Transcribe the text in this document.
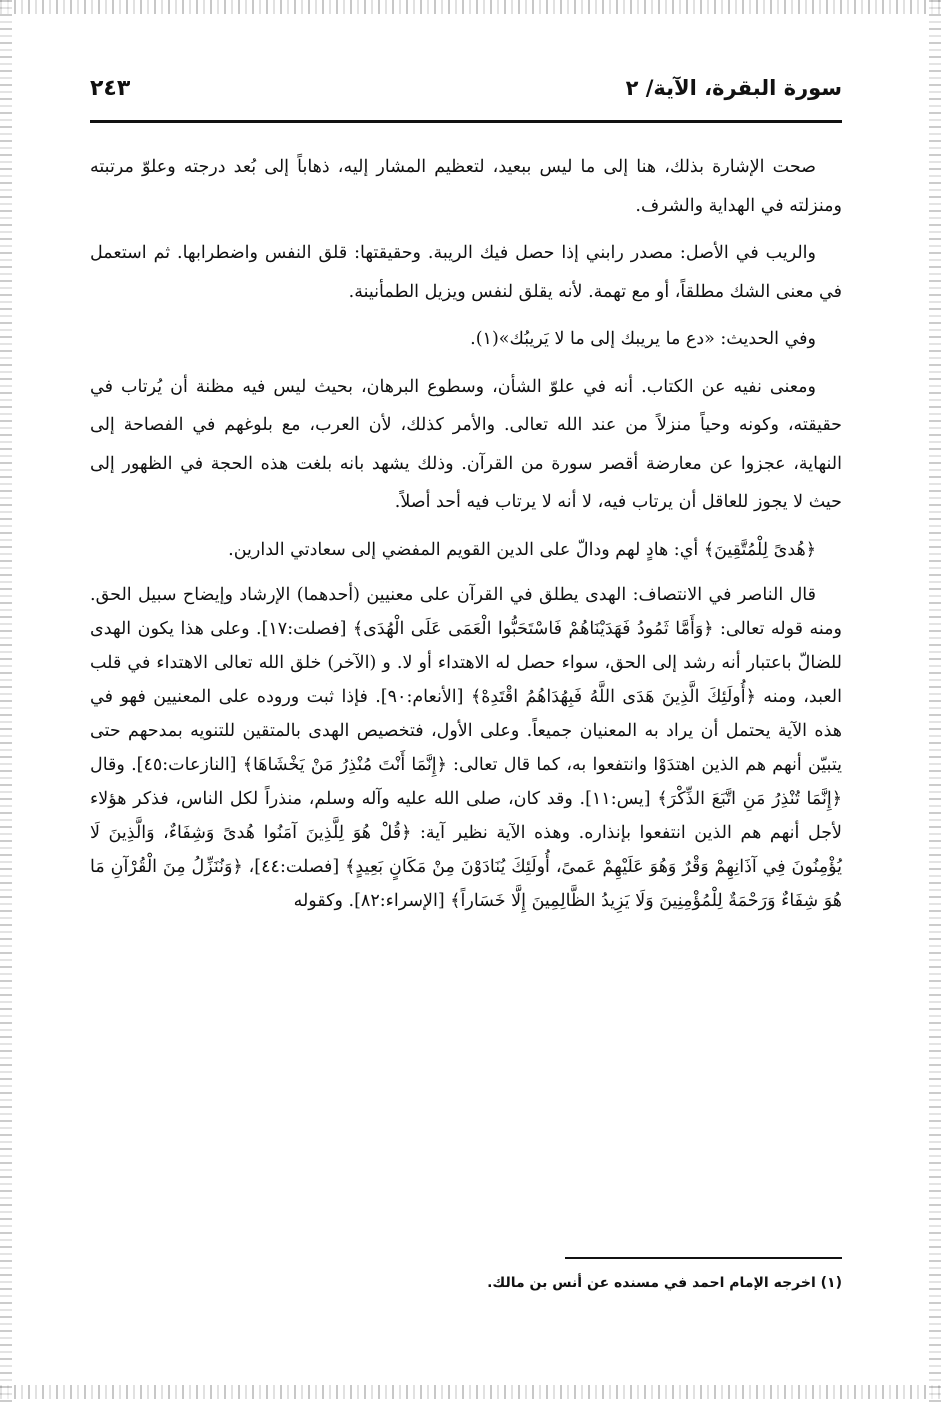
سورة البقرة، الآية/ ٢
٢٤٣

صحت الإشارة بذلك، هنا إلى ما ليس ببعيد، لتعظيم المشار إليه، ذهاباً إلى بُعد درجته وعلوّ مرتبته ومنزلته في الهداية والشرف.

والريب في الأصل: مصدر رابني إذا حصل فيك الريبة. وحقيقتها: قلق النفس واضطرابها. ثم استعمل في معنى الشك مطلقاً، أو مع تهمة. لأنه يقلق لنفس ويزيل الطمأنينة.

وفي الحديث: «دع ما يريبك إلى ما لا يَريبُك»(١).

ومعنى نفيه عن الكتاب. أنه في علوّ الشأن، وسطوع البرهان، بحيث ليس فيه مظنة أن يُرتاب في حقيقته، وكونه وحياً منزلاً من عند الله تعالى. والأمر كذلك، لأن العرب، مع بلوغهم في الفصاحة إلى النهاية، عجزوا عن معارضة أقصر سورة من القرآن. وذلك يشهد بانه بلغت هذه الحجة في الظهور إلى حيث لا يجوز للعاقل أن يرتاب فيه، لا أنه لا يرتاب فيه أحد أصلاً.

﴿هُدىً لِلْمُتَّقِينَ﴾ أي: هادٍ لهم ودالّ على الدين القويم المفضي إلى سعادتي الدارين.

قال الناصر في الانتصاف: الهدى يطلق في القرآن على معنيين (أحدهما) الإرشاد وإيضاح سبيل الحق. ومنه قوله تعالى: ﴿وَأَمَّا ثَمُودُ فَهَدَيْنَاهُمْ فَاسْتَحَبُّوا الْعَمَى عَلَى الْهُدَى﴾ [فصلت:١٧]. وعلى هذا يكون الهدى للضالّ باعتبار أنه رشد إلى الحق، سواء حصل له الاهتداء أو لا. و (الآخر) خلق الله تعالى الاهتداء في قلب العبد، ومنه ﴿أُولَئِكَ الَّذِينَ هَدَى اللَّهُ فَبِهُدَاهُمُ اقْتَدِهْ﴾ [الأنعام:٩٠]. فإذا ثبت وروده على المعنيين فهو في هذه الآية يحتمل أن يراد به المعنيان جميعاً. وعلى الأول، فتخصيص الهدى بالمتقين للتنويه بمدحهم حتى يتبيّن أنهم هم الذين اهتدَوْا وانتفعوا به، كما قال تعالى: ﴿إِنَّمَا أَنْتَ مُنْذِرُ مَنْ يَخْشَاهَا﴾ [النازعات:٤٥]. وقال ﴿إِنَّمَا تُنْذِرُ مَنِ اتَّبَعَ الذِّكْرَ﴾ [يس:١١]. وقد كان، صلى الله عليه وآله وسلم، منذراً لكل الناس، فذكر هؤلاء لأجل أنهم هم الذين انتفعوا بإنذاره. وهذه الآية نظير آية: ﴿قُلْ هُوَ لِلَّذِينَ آمَنُوا هُدىً وَشِفَاءٌ، وَالَّذِينَ لَا يُؤْمِنُونَ فِي آذَانِهِمْ وَقْرٌ وَهُوَ عَلَيْهِمْ عَمىً، أُولَئِكَ يُنَادَوْنَ مِنْ مَكَانٍ بَعِيدٍ﴾ [فصلت:٤٤]، ﴿وَنُنَزِّلُ مِنَ الْقُرْآنِ مَا هُوَ شِفَاءٌ وَرَحْمَةٌ لِلْمُؤْمِنِينَ وَلَا يَزِيدُ الظَّالِمِينَ إِلَّا خَسَاراً﴾ [الإسراء:٨٢]. وكقوله

(١) اخرجه الإمام احمد في مسنده عن أنس بن مالك.
